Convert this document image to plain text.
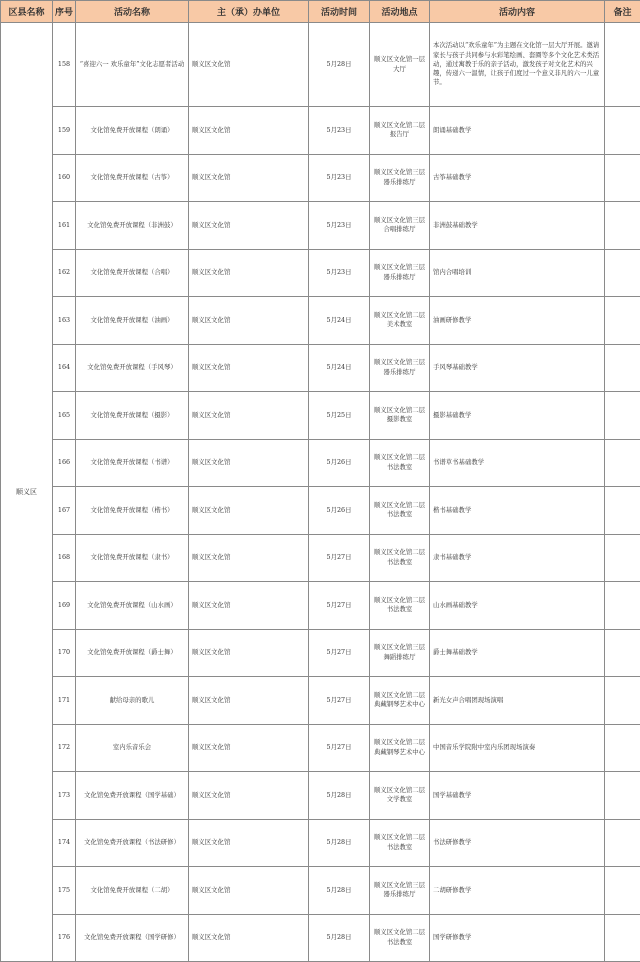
区县名称	序号	活动名称	主（承）办单位	活动时间	活动地点	活动内容	备注
顺义区	158	“喜迎六一 欢乐童年”文化志愿者活动	顺义区文化馆	5月28日	顺义区文化馆一层大厅	本次活动以“欢乐童年”为主题在文化馆一层大厅开展。邀请家长与孩子共同参与水彩笔绘画、套圈等多个文化艺术类活动，通过寓教于乐的亲子活动，激发孩子对文化艺术的兴趣，传递六一温情，让孩子们度过一个意义非凡的六一儿童节。	
	159	文化馆免费开放课程（朗诵）	顺义区文化馆	5月23日	顺义区文化馆二层报告厅	朗诵基础教学	
	160	文化馆免费开放课程（古筝）	顺义区文化馆	5月23日	顺义区文化馆三层器乐排练厅	古筝基础教学	
	161	文化馆免费开放课程（非洲鼓）	顺义区文化馆	5月23日	顺义区文化馆三层合唱排练厅	非洲鼓基础教学	
	162	文化馆免费开放课程（合唱）	顺义区文化馆	5月23日	顺义区文化馆三层器乐排练厅	馆内合唱培训	
	163	文化馆免费开放课程（油画）	顺义区文化馆	5月24日	顺义区文化馆二层美术教室	油画研修教学	
	164	文化馆免费开放课程（手风琴）	顺义区文化馆	5月24日	顺义区文化馆三层器乐排练厅	手风琴基础教学	
	165	文化馆免费开放课程（摄影）	顺义区文化馆	5月25日	顺义区文化馆二层摄影教室	摄影基础教学	
	166	文化馆免费开放课程（书谱）	顺义区文化馆	5月26日	顺义区文化馆二层书法教室	书谱草书基础教学	
	167	文化馆免费开放课程（楷书）	顺义区文化馆	5月26日	顺义区文化馆二层书法教室	楷书基础教学	
	168	文化馆免费开放课程（隶书）	顺义区文化馆	5月27日	顺义区文化馆二层书法教室	隶书基础教学	
	169	文化馆免费开放课程（山水画）	顺义区文化馆	5月27日	顺义区文化馆二层书法教室	山水画基础教学	
	170	文化馆免费开放课程（爵士舞）	顺义区文化馆	5月27日	顺义区文化馆三层舞蹈排练厅	爵士舞基础教学	
	171	献给母亲的歌儿	顺义区文化馆	5月27日	顺义区文化馆二层典藏钢琴艺术中心	新光女声合唱团现场演唱	
	172	室内乐音乐会	顺义区文化馆	5月27日	顺义区文化馆二层典藏钢琴艺术中心	中国音乐学院附中室内乐团现场演奏	
	173	文化馆免费开放课程（国学基础）	顺义区文化馆	5月28日	顺义区文化馆二层文学教室	国学基础教学	
	174	文化馆免费开放课程（书法研修）	顺义区文化馆	5月28日	顺义区文化馆二层书法教室	书法研修教学	
	175	文化馆免费开放课程（二胡）	顺义区文化馆	5月28日	顺义区文化馆三层器乐排练厅	二胡研修教学	
	176	文化馆免费开放课程（国学研修）	顺义区文化馆	5月28日	顺义区文化馆二层书法教室	国学研修教学	
